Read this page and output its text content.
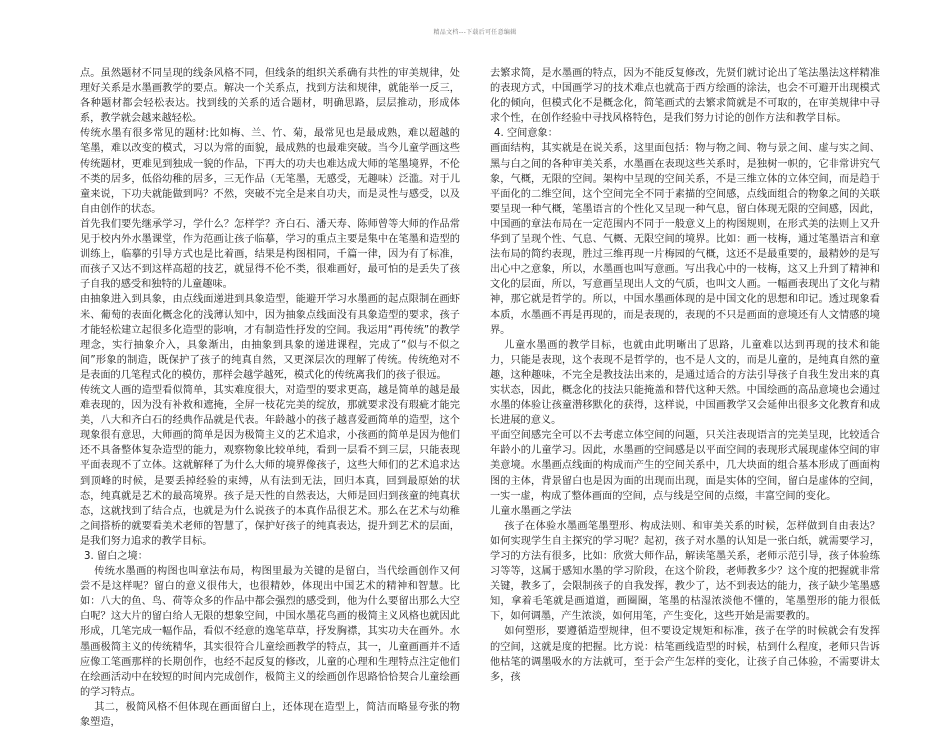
精品文档---下载后可任意编辑

点。虽然题材不同呈现的线条风格不同，但线条的组织关系确有共性的审美规律，处理好关系是水墨画教学的要点。解决一个关系点，找到方法和规律，就能举一反三，各种题材都会轻松表达。找到线的关系的适合题材，明确思路，层层推动，形成体系，教学就会越来越轻松。

传统水墨有很多常见的题材:比如梅、兰、竹、菊，最常见也是最成熟，难以超越的笔墨，难以改变的模式，习以为常的面貌，最成熟的也最难突破。当今儿童学画这些传统题材，更难见到独成一貌的作品，下再大的功夫也难达成大师的笔墨境界，不伦不类的居多，低俗幼稚的居多，三无作品（无笔墨，无感受，无趣味）泛滥。对于儿童来说，下功夫就能做到吗？不然，突破不完全是来自功夫，而是灵性与感受，以及自由创作的状态。

首先我们要先继承学习，学什么？怎样学？齐白石、潘天寿、陈师曾等大师的作品常见于校内外水墨课堂，作为范画让孩子临摹，学习的重点主要是集中在笔墨和造型的训练上，临摹的引导方式也是比着画，结果是构图相同，千篇一律，因为有了标准，而孩子又达不到这样高超的技艺，就显得不伦不类，很难画好，最可怕的是丢失了孩子自我的感受和独特的儿童趣味。

由抽象进入到具象，由点线面递进到具象造型，能避开学习水墨画的起点限制在画虾米、葡萄的表面化概念化的浅薄认知中，因为抽象点线面没有具象造型的要求，孩子才能轻松建立起很多化造型的影响，才有制造性抒发的空间。我运用“再传统”的教学理念，实行抽象介入，具象渐出，由抽象到具象的递进课程，完成了“似与不似之间”形象的制造，既保护了孩子的纯真自然，又更深层次的理解了传统。传统绝对不是表面的几笔程式化的模仿，那样会越学越死，模式化的传统离我们的孩子很远。

传统文人画的造型看似简单，其实难度很大，对造型的要求更高，越是简单的越是最难表现的，因为没有补救和遮掩，全屏一枝花完美的绽放，那就要求没有瑕疵才能完美，八大和齐白石的经典作品就是代表。年龄越小的孩子越喜爱画简单的造型，这个现象很有意思，大师画的简单是因为极简主义的艺术追求，小孩画的简单是因为他们还不具备整体复杂造型的能力，观察物象比较单纯，看到一层看不到三层，只能表现平面表现不了立体。这就解释了为什么大师的境界像孩子，这些大师们的艺术追求达到顶峰的时候，是要丢掉经验的束缚，从有法到无法，回归本真，回到最原始的状态，纯真就是艺术的最高境界。孩子是天性的自然表达，大师是回归到孩童的纯真状态，这就找到了结合点，也就是为什么说孩子的本真作品很艺术。那么在艺术与幼稚之间搭桥的就要看美术老师的智慧了，保护好孩子的纯真表达，提升到艺术的层面，是我们努力追求的教学目标。

3. 留白之境：

传统水墨画的构图也叫章法布局，构图里最为关键的是留白，当代绘画创作又何尝不是这样呢？留白的意义很伟大，也很精妙，体现出中国艺术的精神和智慧。比如：八大的鱼、鸟、荷等众多的作品中都会强烈的感受到，他为什么要留出那么大空白呢？这大片的留白给人无限的想象空间，中国水墨花鸟画的极简主义风格也就因此形成，几笔完成一幅作品，看似不经意的逸笔草草，抒发胸襟，其实功夫在画外。水墨画极简主义的传统精华，其实很符合儿童绘画教学的特点，其一，儿童画画并不适应像工笔画那样的长期创作，也经不起反复的修改，儿童的心理和生理特点注定他们在绘画活动中在较短的时间内完成创作，极简主义的绘画创作思路恰恰契合儿童绘画的学习特点。

其二，极简风格不但体现在画面留白上，还体现在造型上，简洁而略显夸张的物象塑造，

去繁求简，是水墨画的特点，因为不能反复修改，先贤们就讨论出了笔法墨法这样精准的表现方式，中国画学习的技术难点也就高于西方绘画的涂法，也会不可避开出现模式化的倾向，但模式化不是概念化，简笔画式的去繁求简就是不可取的，在审美规律中寻求个性，在创作经验中寻找风格特色，是我们努力讨论的创作方法和教学目标。

4. 空间意象：

画面结构，其实就是在说关系，这里面包括：物与物之间、物与景之间、虚与实之间、黑与白之间的各种审美关系，水墨画在表现这些关系时，是独树一帜的，它非常讲究气象，气概，无限的空间。架构中呈现的空间关系，不是三维立体的立体空间，而是趋于平面化的二维空间，这个空间完全不同于素描的空间感，点线面组合的物象之间的关联要呈现一种气概，笔墨语言的个性化又呈现一种气息，留白体现无限的空间感，因此，中国画的章法布局在一定范围内不同于一般意义上的构图规则，在形式美的法则上又升华到了呈现个性、气息、气概、无限空间的境界。比如：画一枝梅，通过笔墨语言和章法布局的简约表现，胜过三维再现一片梅园的气概，这还不是最重要的，最精妙的是写出心中之意象，所以，水墨画也叫写意画。写出我心中的一枝梅，这又上升到了精神和文化的层面，所以，写意画呈现出人文的气质，也叫文人画。一幅画表现出了文化与精神，那它就是哲学的。所以，中国水墨画体现的是中国文化的思想和印记。透过现象看本质，水墨画不再是再现的，而是表现的，表现的不只是画面的意境还有人文情感的境界。

儿童水墨画的教学目标，也就由此明晰出了思路，儿童难以达到再现的技术和能力，只能是表现，这个表现不是哲学的，也不是人文的，而是儿童的，是纯真自然的童趣，这种趣味，不完全是教技法出来的，是通过适合的方法引导孩子自我生发出来的真实状态，因此，概念化的技法只能掩盖和替代这种天然。中国绘画的高品意境也会通过水墨的体验让孩童潜移默化的获得，这样说，中国画教学又会延伸出很多文化教育和成长进展的意义。

平面空间感完全可以不去考虑立体空间的问题，只关注表现语言的完美呈现，比较适合年龄小的儿童学习。因此，水墨画的空间感是以平面空间的表现形式展现虚体空间的审美意境。水墨画点线面的构成而产生的空间关系中，几大块面的组合基本形成了画面构图的主体，背景留白也是因为面的出现而出现，面是实体的空间，留白是虚体的空间，一实一虚，构成了整体画面的空间，点与线是空间的点缀，丰富空间的变化。

儿童水墨画之学法

孩子在体验水墨画笔墨塑形、构成法则、和审美关系的时候，怎样做到自由表达？如何实现学生自主探究的学习呢？起初，孩子对水墨的认知是一张白纸，就需要学习，学习的方法有很多，比如：欣赏大师作品，解读笔墨关系，老师示范引导，孩子体验练习等等，这属于感知水墨的学习阶段，在这个阶段，老师教多少？这个度的把握就非常关键，教多了，会限制孩子的自我发挥，教少了，达不到表达的能力，孩子缺少笔墨感知，拿着毛笔就是画道道，画圈圈，笔墨的枯湿浓淡他不懂的，笔墨塑形的能力很低下，如何调墨，产生浓淡，如何用笔，产生变化，这些开始是需要教的。

如何塑形，要遵循造型规律，但不要设定规矩和标准，孩子在学的时候就会有发挥的空间，这就是度的把握。比方说：枯笔画线造型的时候，枯到什么程度，老师只告诉他枯笔的调墨吸水的方法就可，至于会产生怎样的变化，让孩子自己体验，不需要讲太多，孩
